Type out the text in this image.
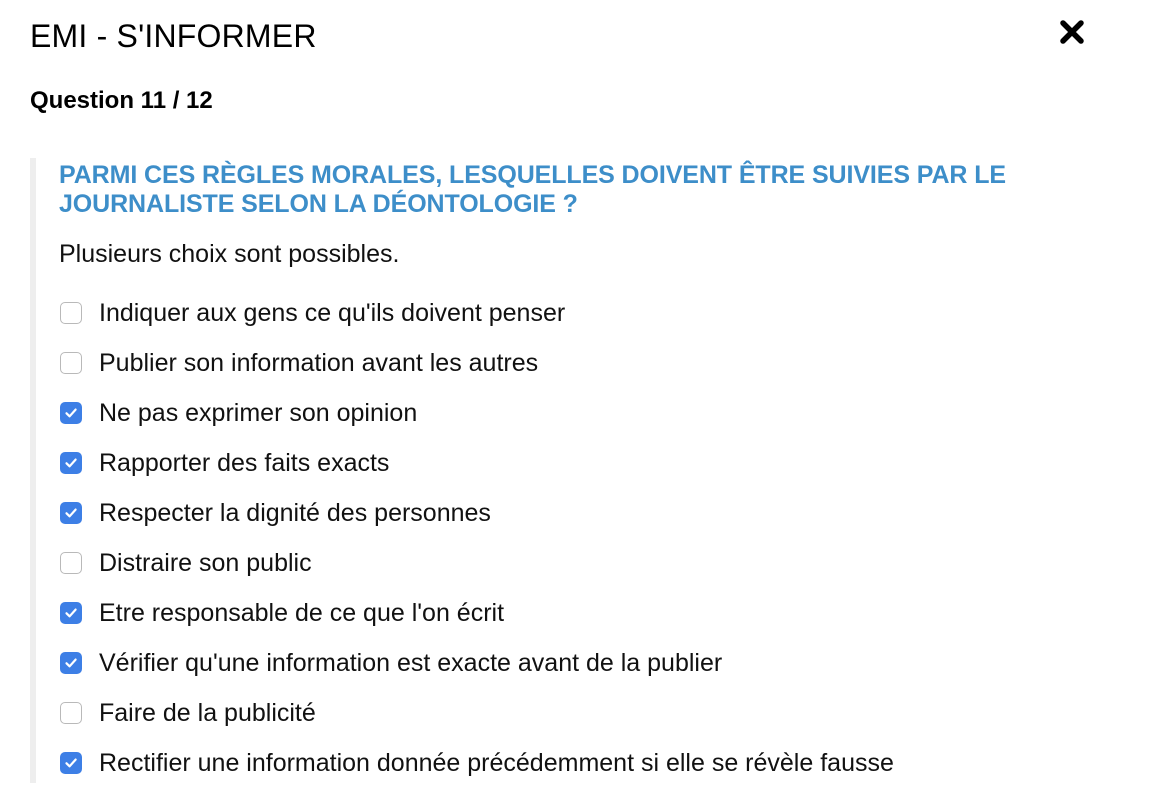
EMI - S'INFORMER
Question 11 / 12
PARMI CES RÈGLES MORALES, LESQUELLES DOIVENT ÊTRE SUIVIES PAR LE JOURNALISTE SELON LA DÉONTOLOGIE ?
Plusieurs choix sont possibles.
Indiquer aux gens ce qu'ils doivent penser
Publier son information avant les autres
Ne pas exprimer son opinion
Rapporter des faits exacts
Respecter la dignité des personnes
Distraire son public
Etre responsable de ce que l'on écrit
Vérifier qu'une information est exacte avant de la publier
Faire de la publicité
Rectifier une information donnée précédemment si elle se révèle fausse
